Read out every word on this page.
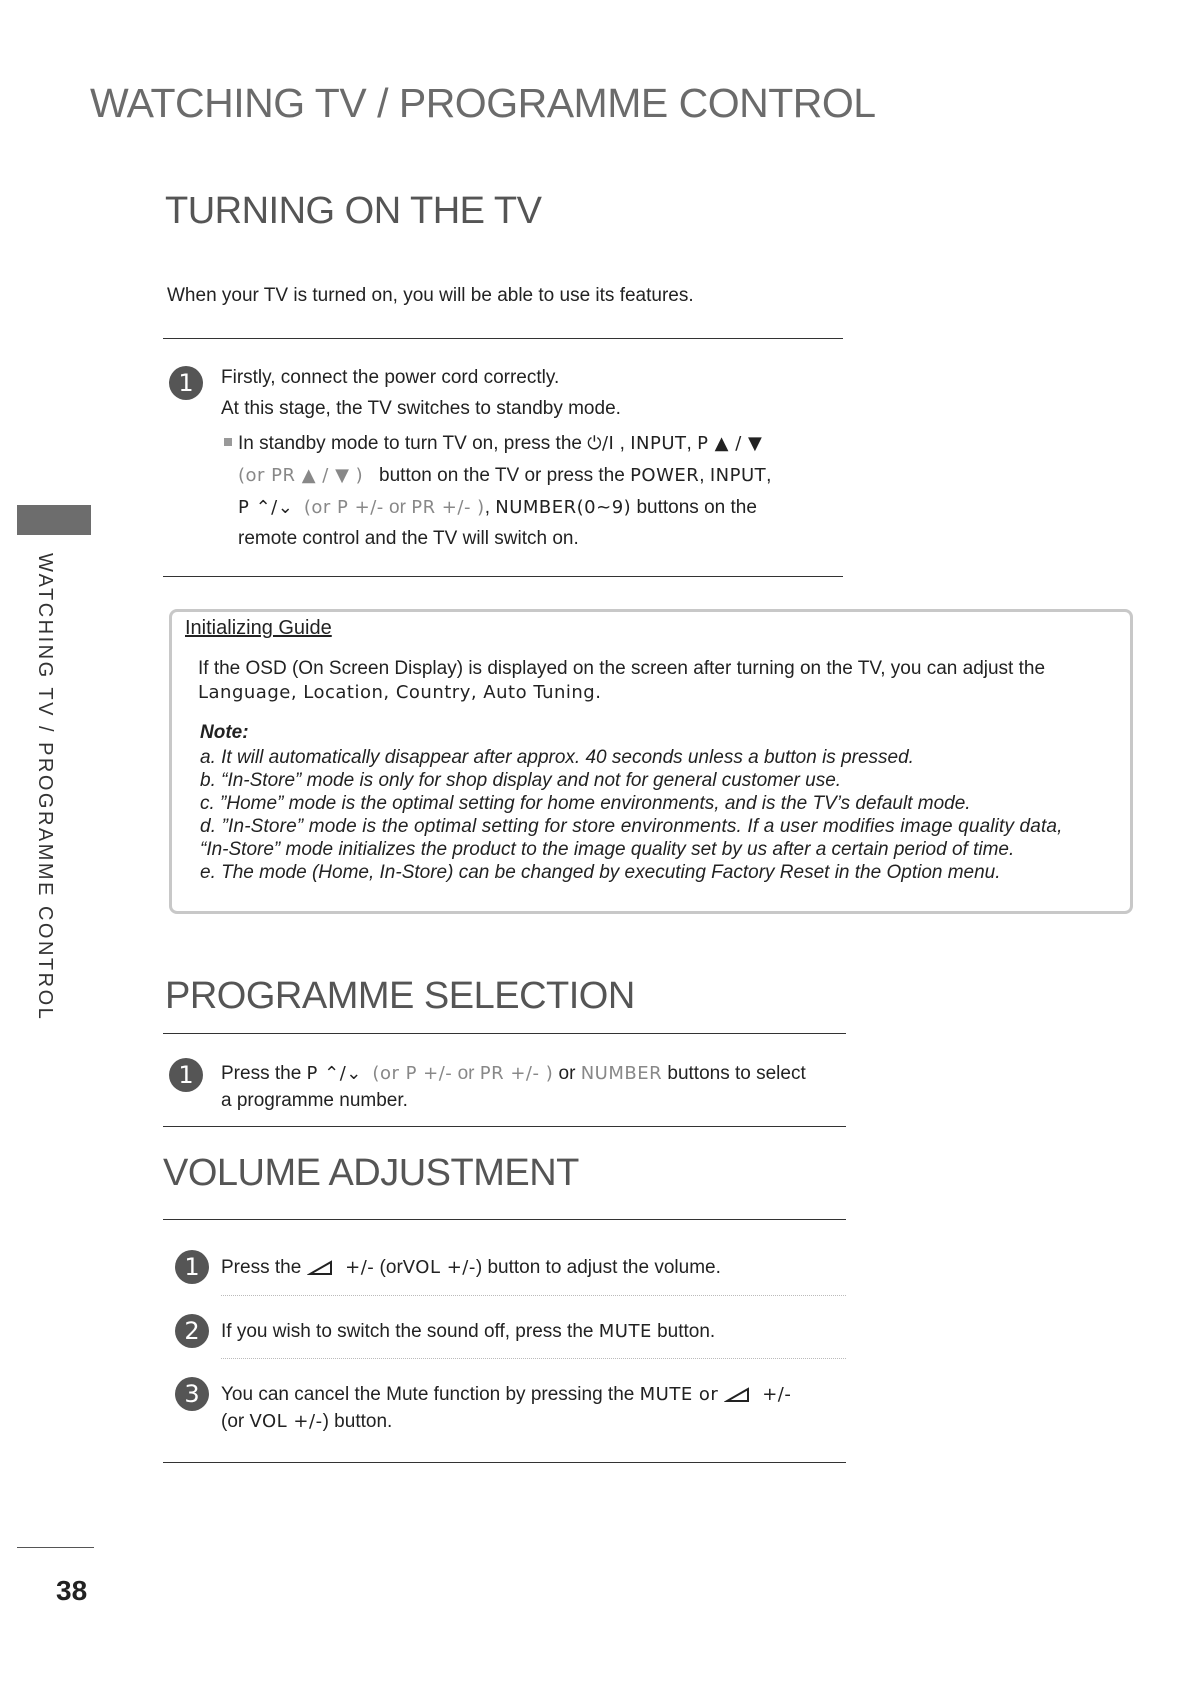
WATCHING TV / PROGRAMME CONTROL
WATCHING TV / PROGRAMME CONTROL
TURNING ON THE TV
When your TV is turned on, you will be able to use its features.
1	Firstly, connect the power cord correctly.
At this stage, the TV switches to standby mode.
In standby mode to turn TV on, press the ⏻/I , INPUT, P ▲ / ▼
(or PR ▲ / ▼ ) button on the TV or press the POWER, INPUT,
P ⌃/⌄ (or P +/- or PR +/- ), NUMBER(0~9) buttons on the
remote control and the TV will switch on.
Initializing Guide
If the OSD (On Screen Display) is displayed on the screen after turning on the TV, you can adjust the
Language, Location, Country, Auto Tuning.
Note:
a. It will automatically disappear after approx. 40 seconds unless a button is pressed.
b. “In-Store” mode is only for shop display and not for general customer use.
c. ”Home” mode is the optimal setting for home environments, and is the TV’s default mode.
d. ”In-Store” mode is the optimal setting for store environments. If a user modifies image quality data,
“In-Store” mode initializes the product to the image quality set by us after a certain period of time.
e. The mode (Home, In-Store) can be changed by executing Factory Reset in the Option menu.
PROGRAMME SELECTION
1	Press the P ⌃/⌄ (or P +/- or PR +/- ) or NUMBER buttons to select
a programme number.
VOLUME ADJUSTMENT
1	Press the +/- (orVOL +/-) button to adjust the volume.
2	If you wish to switch the sound off, press the MUTE button.
3	You can cancel the Mute function by pressing the MUTE or +/-
(or VOL +/-) button.
38
